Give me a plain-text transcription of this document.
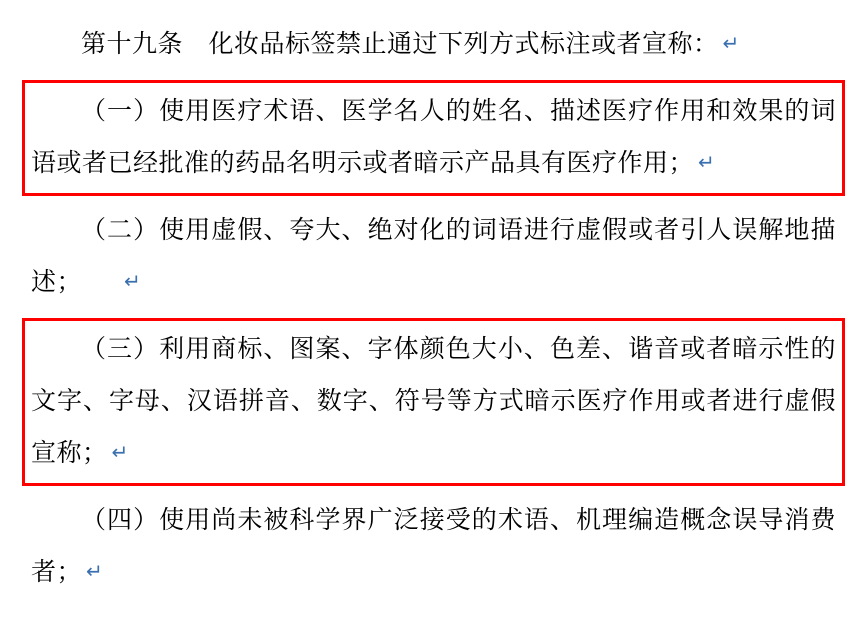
第十九条　化妆品标签禁止通过下列方式标注或者宣称： ↵
（一）使用医疗术语、医学名人的姓名、描述医疗作用和效果的词语或者已经批准的药品名明示或者暗示产品具有医疗作用； ↵
（二）使用虚假、夸大、绝对化的词语进行虚假或者引人误解地描述； ↵
（三）利用商标、图案、字体颜色大小、色差、谐音或者暗示性的文字、字母、汉语拼音、数字、符号等方式暗示医疗作用或者进行虚假宣称； ↵
（四）使用尚未被科学界广泛接受的术语、机理编造概念误导消费者； ↵
